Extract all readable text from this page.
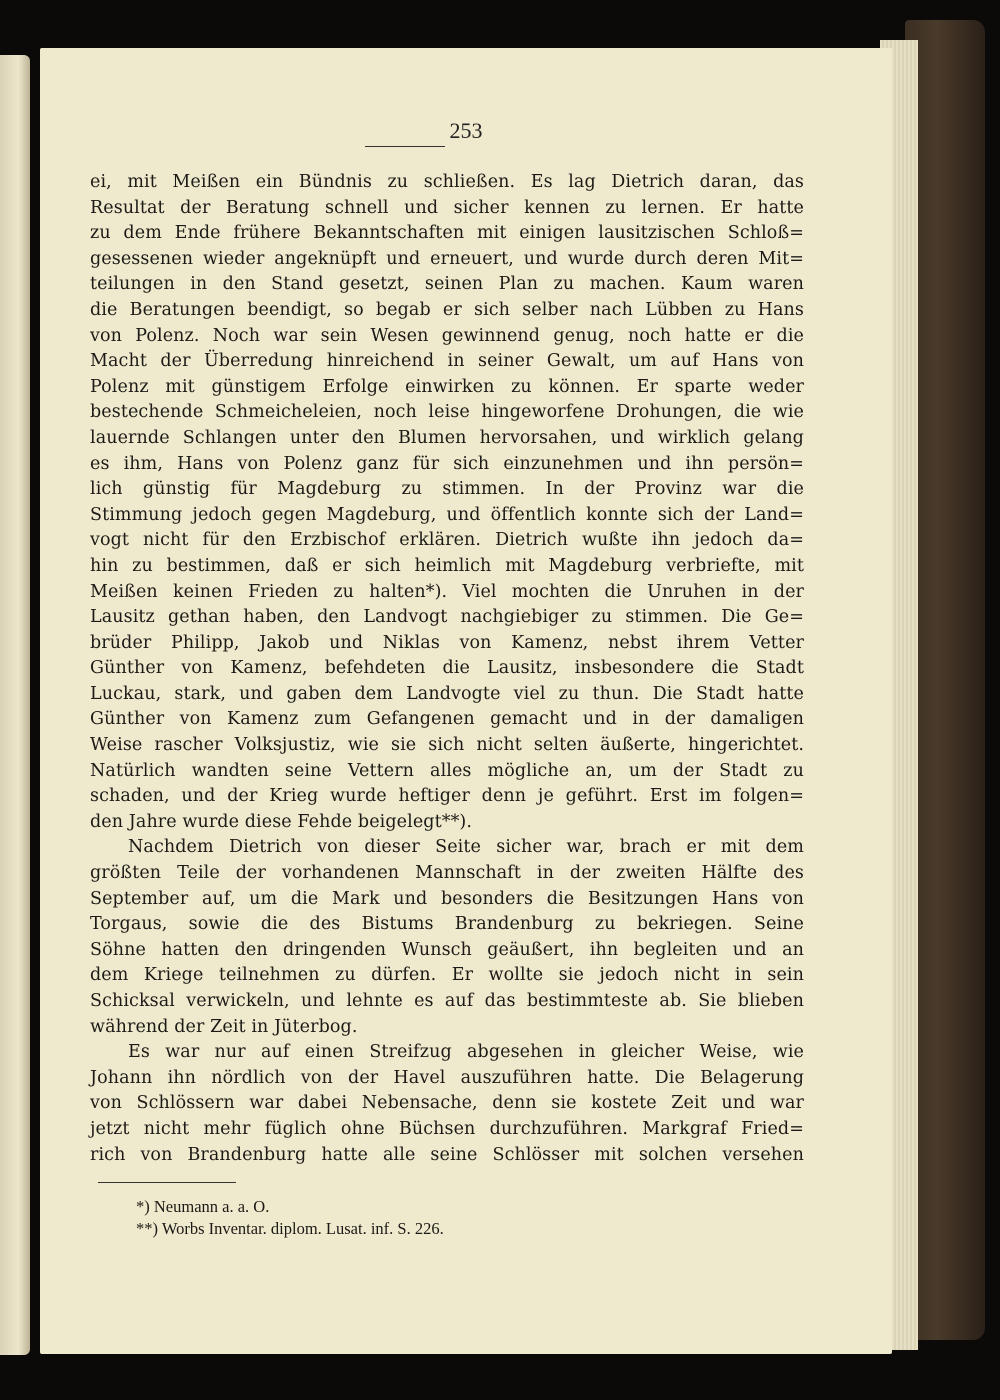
253
ei, mit Meißen ein Bündnis zu schließen. Es lag Dietrich daran, das
Resultat der Beratung schnell und sicher kennen zu lernen. Er hatte
zu dem Ende frühere Bekanntschaften mit einigen lausitzischen Schloß=
gesessenen wieder angeknüpft und erneuert, und wurde durch deren Mit=
teilungen in den Stand gesetzt, seinen Plan zu machen. Kaum waren
die Beratungen beendigt, so begab er sich selber nach Lübben zu Hans
von Polenz. Noch war sein Wesen gewinnend genug, noch hatte er die
Macht der Überredung hinreichend in seiner Gewalt, um auf Hans von
Polenz mit günstigem Erfolge einwirken zu können. Er sparte weder
bestechende Schmeicheleien, noch leise hingeworfene Drohungen, die wie
lauernde Schlangen unter den Blumen hervorsahen, und wirklich gelang
es ihm, Hans von Polenz ganz für sich einzunehmen und ihn persön=
lich günstig für Magdeburg zu stimmen. In der Provinz war die
Stimmung jedoch gegen Magdeburg, und öffentlich konnte sich der Land=
vogt nicht für den Erzbischof erklären. Dietrich wußte ihn jedoch da=
hin zu bestimmen, daß er sich heimlich mit Magdeburg verbriefte, mit
Meißen keinen Frieden zu halten*). Viel mochten die Unruhen in der
Lausitz gethan haben, den Landvogt nachgiebiger zu stimmen. Die Ge=
brüder Philipp, Jakob und Niklas von Kamenz, nebst ihrem Vetter
Günther von Kamenz, befehdeten die Lausitz, insbesondere die Stadt
Luckau, stark, und gaben dem Landvogte viel zu thun. Die Stadt hatte
Günther von Kamenz zum Gefangenen gemacht und in der damaligen
Weise rascher Volksjustiz, wie sie sich nicht selten äußerte, hingerichtet.
Natürlich wandten seine Vettern alles mögliche an, um der Stadt zu
schaden, und der Krieg wurde heftiger denn je geführt. Erst im folgen=
den Jahre wurde diese Fehde beigelegt**).
Nachdem Dietrich von dieser Seite sicher war, brach er mit dem
größten Teile der vorhandenen Mannschaft in der zweiten Hälfte des
September auf, um die Mark und besonders die Besitzungen Hans von
Torgaus, sowie die des Bistums Brandenburg zu bekriegen. Seine
Söhne hatten den dringenden Wunsch geäußert, ihn begleiten und an
dem Kriege teilnehmen zu dürfen. Er wollte sie jedoch nicht in sein
Schicksal verwickeln, und lehnte es auf das bestimmteste ab. Sie blieben
während der Zeit in Jüterbog.
Es war nur auf einen Streifzug abgesehen in gleicher Weise, wie
Johann ihn nördlich von der Havel auszuführen hatte. Die Belagerung
von Schlössern war dabei Nebensache, denn sie kostete Zeit und war
jetzt nicht mehr füglich ohne Büchsen durchzuführen. Markgraf Fried=
rich von Brandenburg hatte alle seine Schlösser mit solchen versehen
*) Neumann a. a. O.
**) Worbs Inventar. diplom. Lusat. inf. S. 226.
